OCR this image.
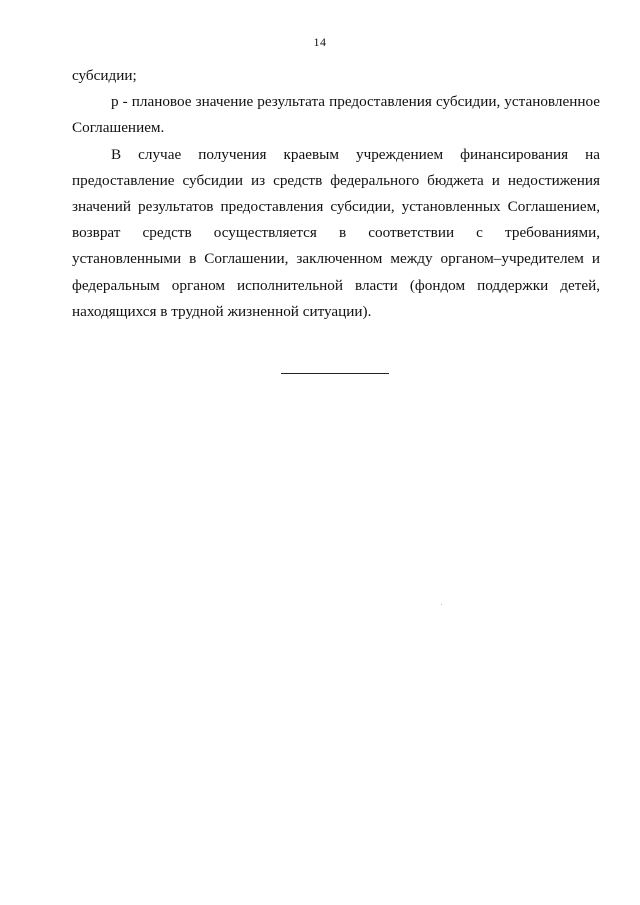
14

субсидии;

p - плановое значение результата предоставления субсидии, установленное Соглашением.

В случае получения краевым учреждением финансирования на предоставление субсидии из средств федерального бюджета и недостижения значений результатов предоставления субсидии, установленных Соглашением, возврат средств осуществляется в соответствии с требованиями, установленными в Соглашении, заключенном между органом–учредителем и федеральным органом исполнительной власти (фондом поддержки детей, находящихся в трудной жизненной ситуации).
